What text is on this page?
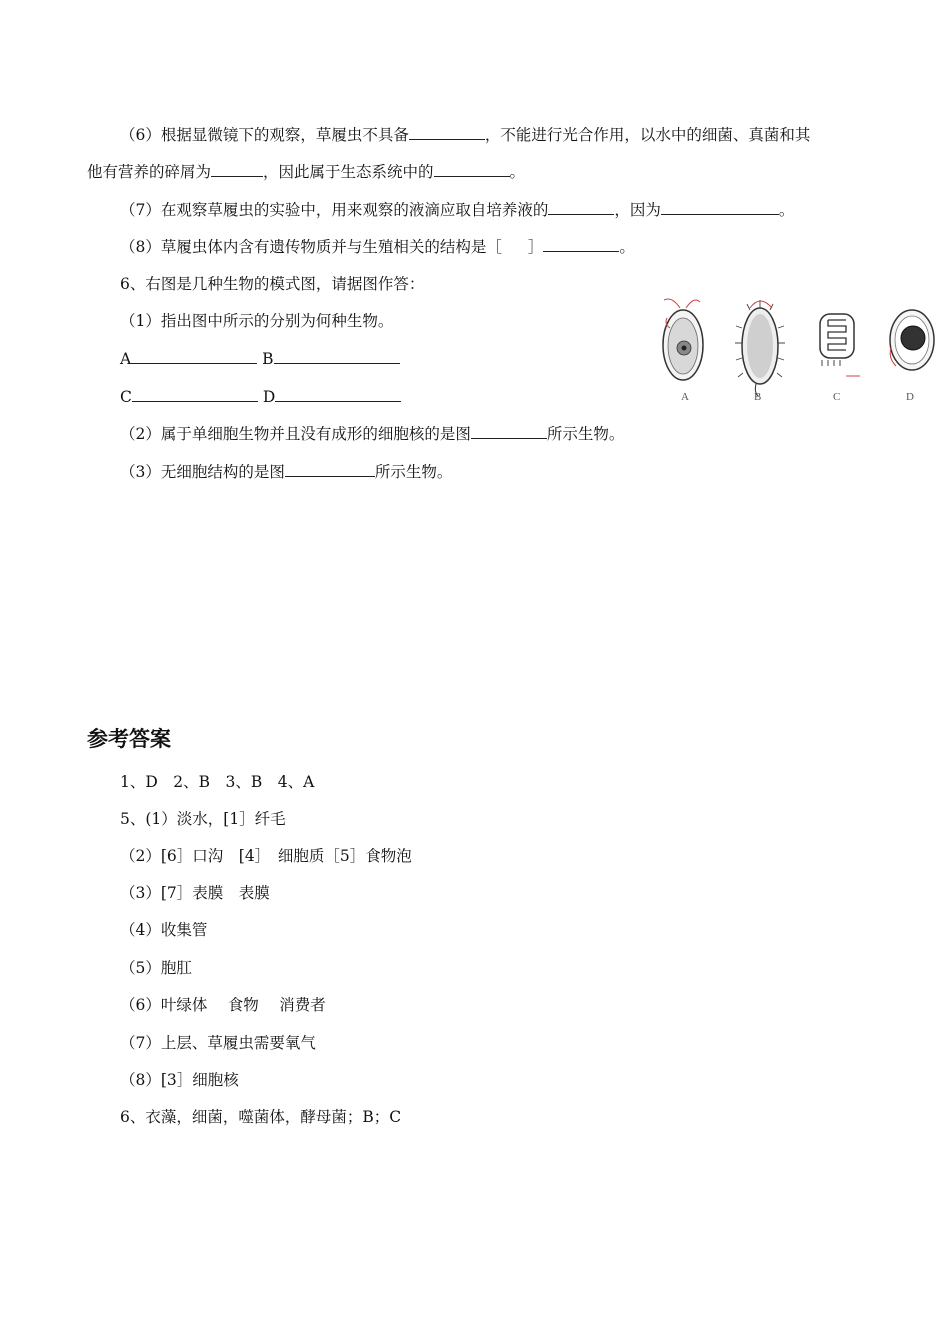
（6）根据显微镜下的观察，草履虫不具备	，不能进行光合作用，以水中的细菌、真菌和其
他有营养的碎屑为	，因此属于生态系统中的	。
（7）在观察草履虫的实验中，用来观察的液滴应取自培养液的	，因为	。
（8）草履虫体内含有遗传物质并与生殖相关的结构是［ ］	。
6、右图是几种生物的模式图，请据图作答：
（1）指出图中所示的分别为何种生物。
A	B
C	D
（2）属于单细胞生物并且没有成形的细胞核的是图	所示生物。
（3）无细胞结构的是图	所示生物。
A	B	C	D
参考答案
1、D　2、B　3、B　4、A
5、(1）淡水，[1］纤毛
（2）[6］口沟　[4］　细胞质［5］食物泡
（3）[7］表膜　表膜
（4）收集管
（5）胞肛
（6）叶绿体　 食物　 消费者
（7）上层、草履虫需要氧气
（8）[3］细胞核
6、衣藻，细菌，噬菌体，酵母菌；B；C
